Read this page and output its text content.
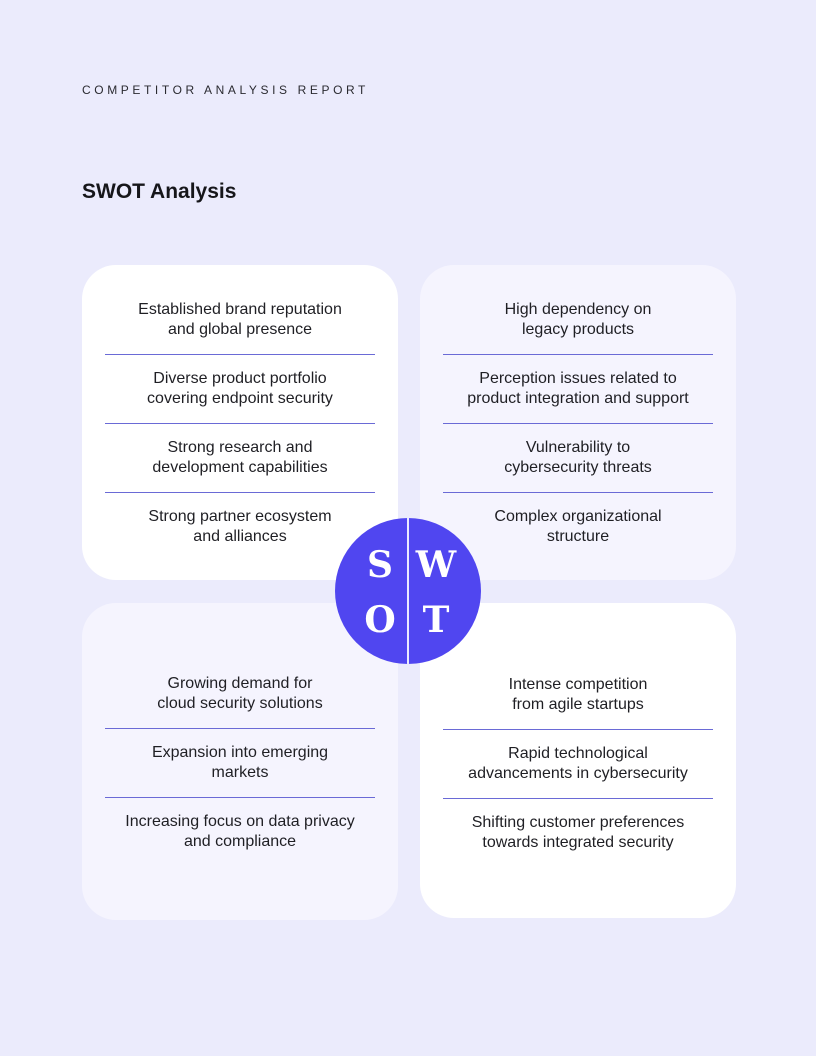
COMPETITOR ANALYSIS REPORT
SWOT Analysis
Established brand reputation
and global presence
Diverse product portfolio
covering endpoint security
Strong research and
development capabilities
Strong partner ecosystem
and alliances
High dependency on
legacy products
Perception issues related to
product integration and support
Vulnerability to
cybersecurity threats
Complex organizational
structure
Growing demand for
cloud security solutions
Expansion into emerging
markets
Increasing focus on data privacy
and compliance
Intense competition
from agile startups
Rapid technological
advancements in cybersecurity
Shifting customer preferences
towards integrated security
S W
O T
